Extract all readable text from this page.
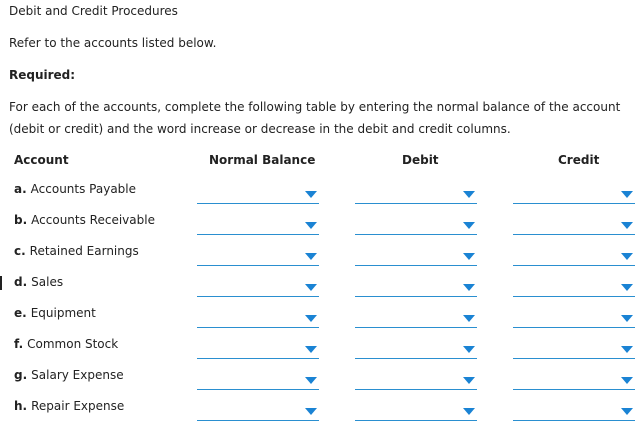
Debit and Credit Procedures
Refer to the accounts listed below.
Required:
For each of the accounts, complete the following table by entering the normal balance of the account
(debit or credit) and the word increase or decrease in the debit and credit columns.
Account	Normal Balance	Debit	Credit
a. Accounts Payable
b. Accounts Receivable
c. Retained Earnings
d. Sales
e. Equipment
f. Common Stock
g. Salary Expense
h. Repair Expense
